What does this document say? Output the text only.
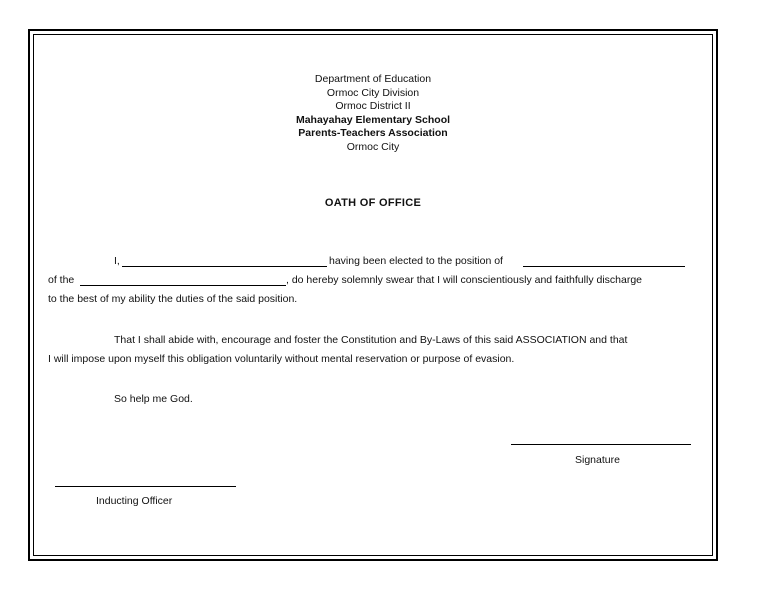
Department of Education
Ormoc City Division
Ormoc District II
Mahayahay Elementary School
Parents-Teachers Association
Ormoc City
OATH OF OFFICE
I,	having been elected to the position of
of the	, do hereby solemnly swear that I will conscientiously and faithfully discharge
to the best of my ability the duties of the said position.
That I shall abide with, encourage and foster the Constitution and By-Laws of this said ASSOCIATION and that
I will impose upon myself this obligation voluntarily without mental reservation or purpose of evasion.
So help me God.
Signature
Inducting Officer
